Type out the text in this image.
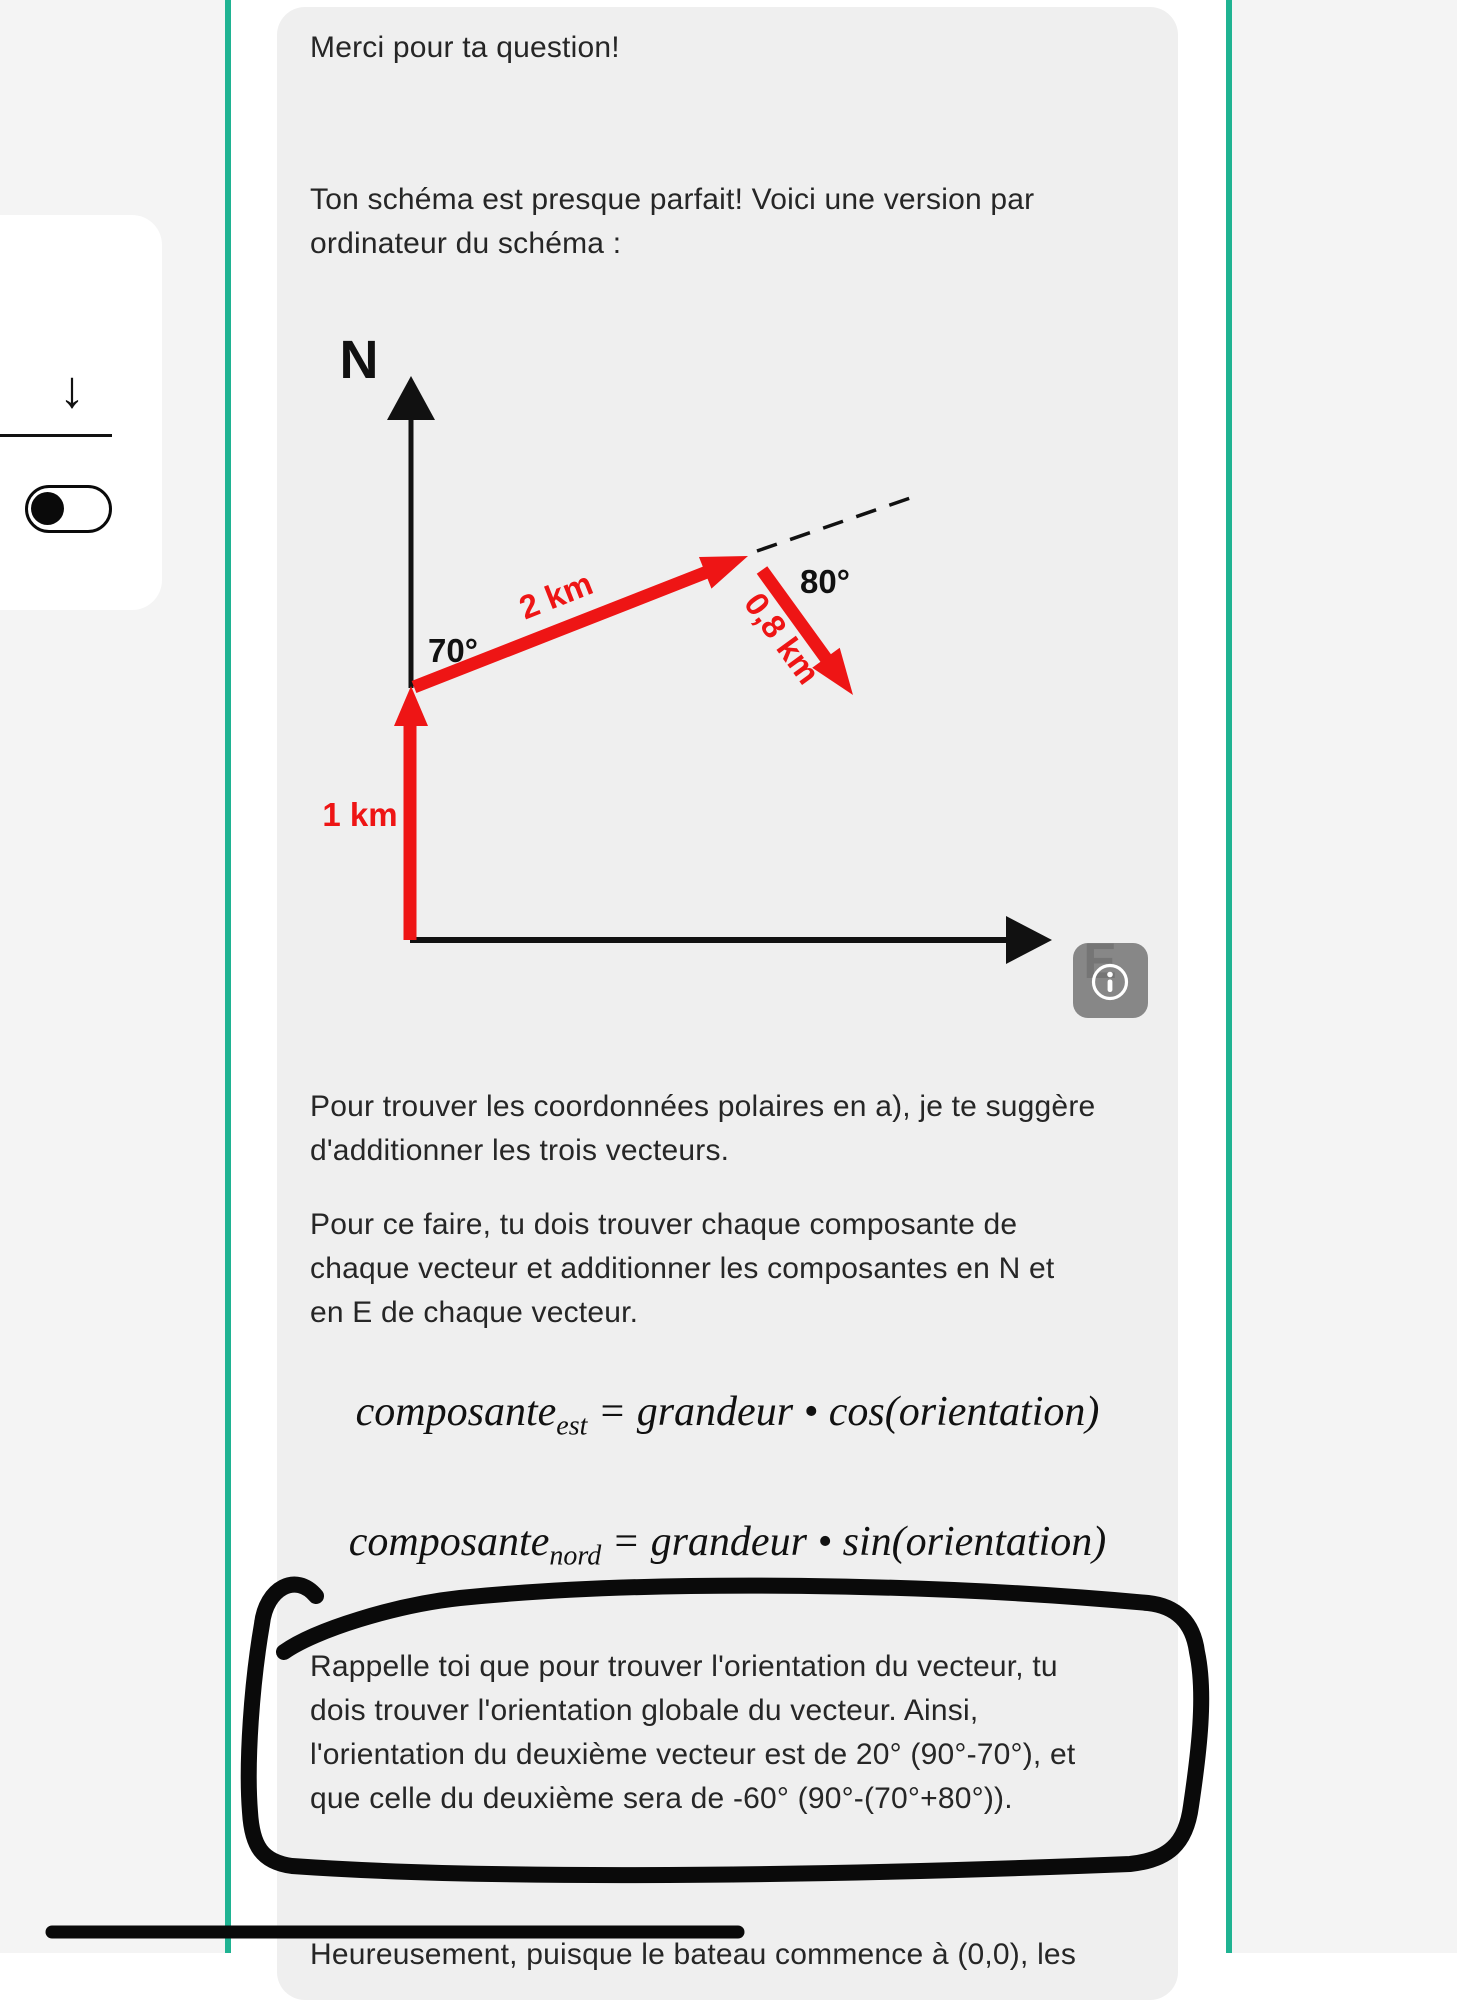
↓
Merci pour ta question!
Ton schéma est presque parfait! Voici une version par
ordinateur du schéma :
Pour trouver les coordonnées polaires en a), je te suggère
d'additionner les trois vecteurs.
Pour ce faire, tu dois trouver chaque composante de
chaque vecteur et additionner les composantes en N et
en E de chaque vecteur.
composante$_{est}$ = grandeur • cos(orientation)
composante$_{nord}$ = grandeur • sin(orientation)
Rappelle toi que pour trouver l'orientation du vecteur, tu
dois trouver l'orientation globale du vecteur. Ainsi,
l'orientation du deuxième vecteur est de 20° (90°-70°), et
que celle du deuxième sera de -60° (90°-(70°+80°)).
Heureusement, puisque le bateau commence à (0,0), les
N
70°
80°
2 km	0,8 km
1 km
